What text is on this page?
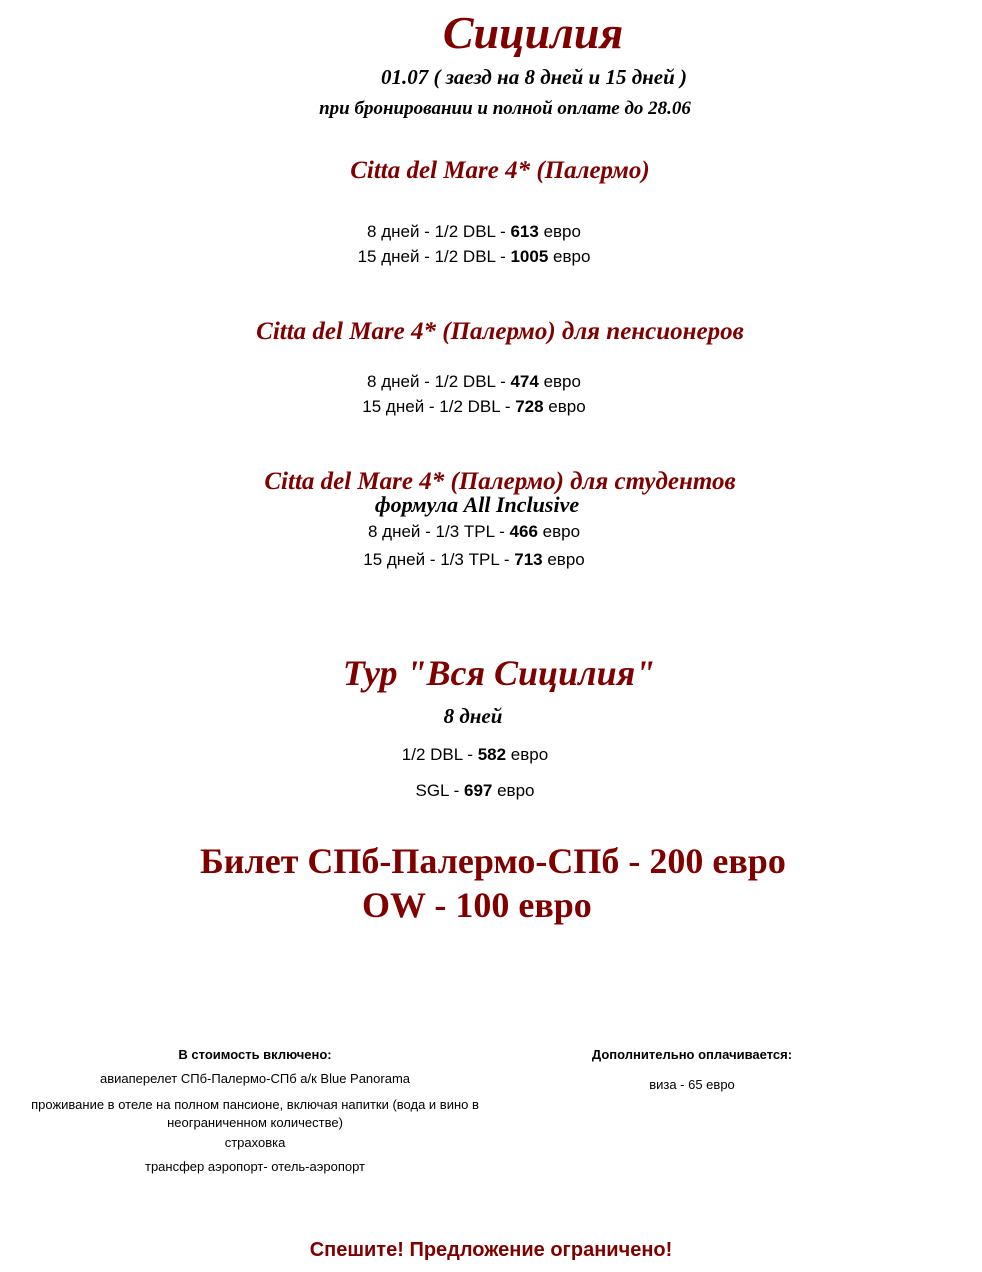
Сицилия
01.07 ( заезд на 8 дней и 15 дней )
при бронировании и полной оплате до 28.06
Citta del Mare 4* (Палермо)
8 дней - 1/2 DBL - 613 евро
15 дней - 1/2 DBL - 1005 евро
Citta del Mare 4* (Палермо) для пенсионеров
8 дней - 1/2 DBL - 474 евро
15 дней - 1/2 DBL - 728 евро
Citta del Mare 4* (Палермо) для студентов
формула All Inclusive
8 дней - 1/3 TPL - 466 евро
15 дней - 1/3 TPL - 713 евро
Тур "Вся Сицилия"
8 дней
1/2 DBL - 582 евро
SGL - 697 евро
Билет СПб-Палермо-СПб - 200 евро
OW - 100 евро
В стоимость включено:
авиаперелет СПб-Палермо-СПб а/к Blue Panorama
проживание в отеле на полном пансионе, включая напитки (вода и вино в
неограниченном количестве)
страховка
трансфер аэропорт- отель-аэропорт
Дополнительно оплачивается:
виза - 65 евро
Спешите! Предложение ограничено!
